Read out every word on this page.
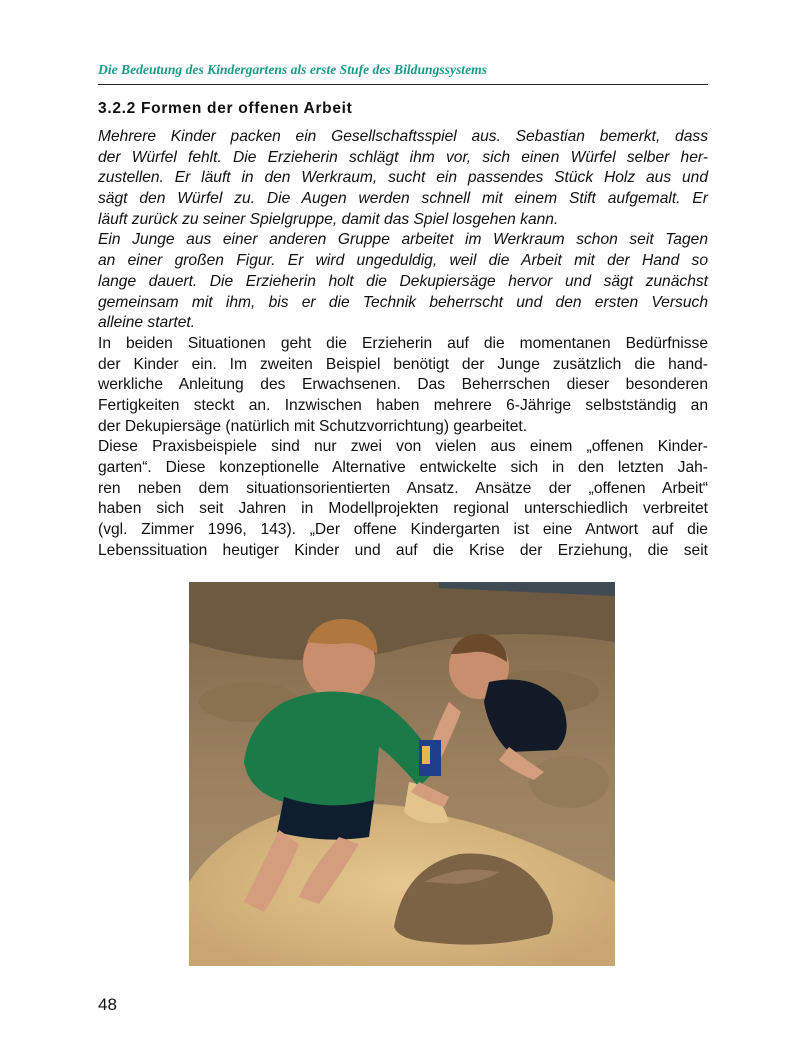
Die Bedeutung des Kindergartens als erste Stufe des Bildungssystems
3.2.2 Formen der offenen Arbeit
Mehrere Kinder packen ein Gesellschaftsspiel aus. Sebastian bemerkt, dass
der Würfel fehlt. Die Erzieherin schlägt ihm vor, sich einen Würfel selber her-
zustellen. Er läuft in den Werkraum, sucht ein passendes Stück Holz aus und
sägt den Würfel zu. Die Augen werden schnell mit einem Stift aufgemalt. Er
läuft zurück zu seiner Spielgruppe, damit das Spiel losgehen kann.
Ein Junge aus einer anderen Gruppe arbeitet im Werkraum schon seit Tagen
an einer großen Figur. Er wird ungeduldig, weil die Arbeit mit der Hand so
lange dauert. Die Erzieherin holt die Dekupiersäge hervor und sägt zunächst
gemeinsam mit ihm, bis er die Technik beherrscht und den ersten Versuch
alleine startet.
In beiden Situationen geht die Erzieherin auf die momentanen Bedürfnisse
der Kinder ein. Im zweiten Beispiel benötigt der Junge zusätzlich die hand-
werkliche Anleitung des Erwachsenen. Das Beherrschen dieser besonderen
Fertigkeiten steckt an. Inzwischen haben mehrere 6-Jährige selbstständig an
der Dekupiersäge (natürlich mit Schutzvorrichtung) gearbeitet.
Diese Praxisbeispiele sind nur zwei von vielen aus einem „offenen Kinder-
garten“. Diese konzeptionelle Alternative entwickelte sich in den letzten Jah-
ren neben dem situationsorientierten Ansatz. Ansätze der „offenen Arbeit“
haben sich seit Jahren in Modellprojekten regional unterschiedlich verbreitet
(vgl. Zimmer 1996, 143). „Der offene Kindergarten ist eine Antwort auf die
Lebenssituation heutiger Kinder und auf die Krise der Erziehung, die seit
48
